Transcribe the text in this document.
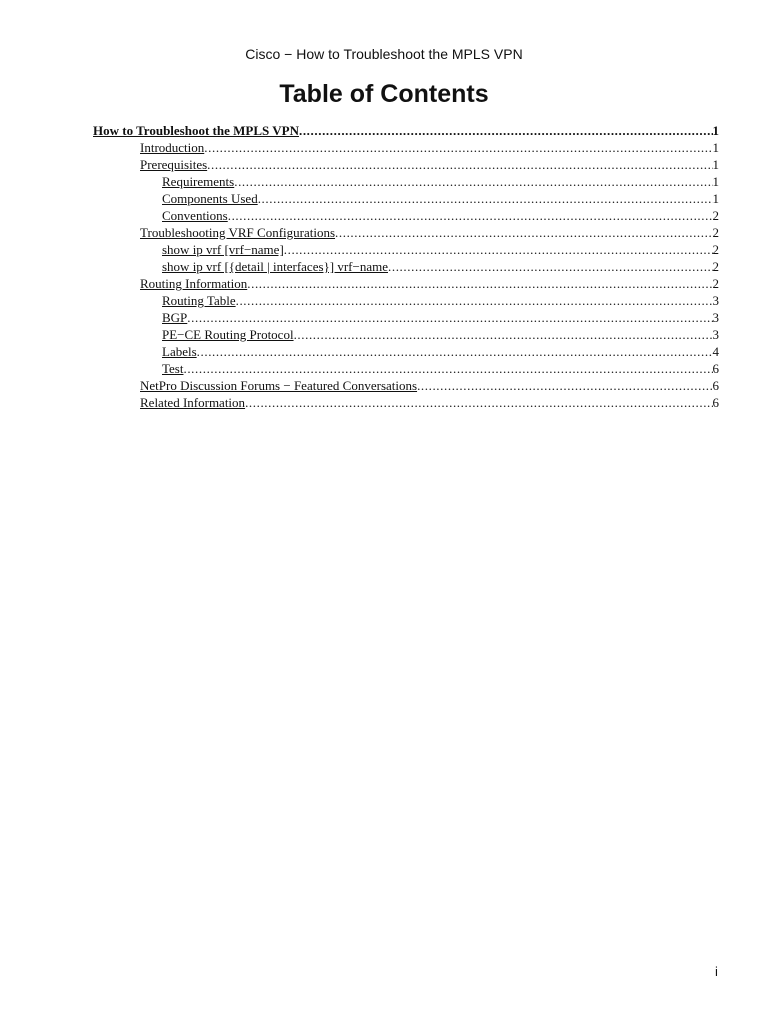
Cisco − How to Troubleshoot the MPLS VPN
Table of Contents
How to Troubleshoot the MPLS VPN .....	1
Introduction .....	1
Prerequisites .....	1
Requirements .....	1
Components Used .....	1
Conventions .....	2
Troubleshooting VRF Configurations .....	2
show ip vrf [vrf−name] .....	2
show ip vrf [{detail | interfaces}] vrf−name .....	2
Routing Information .....	2
Routing Table .....	3
BGP .....	3
PE−CE Routing Protocol .....	3
Labels .....	4
Test .....	6
NetPro Discussion Forums − Featured Conversations .....	6
Related Information .....	6
i
